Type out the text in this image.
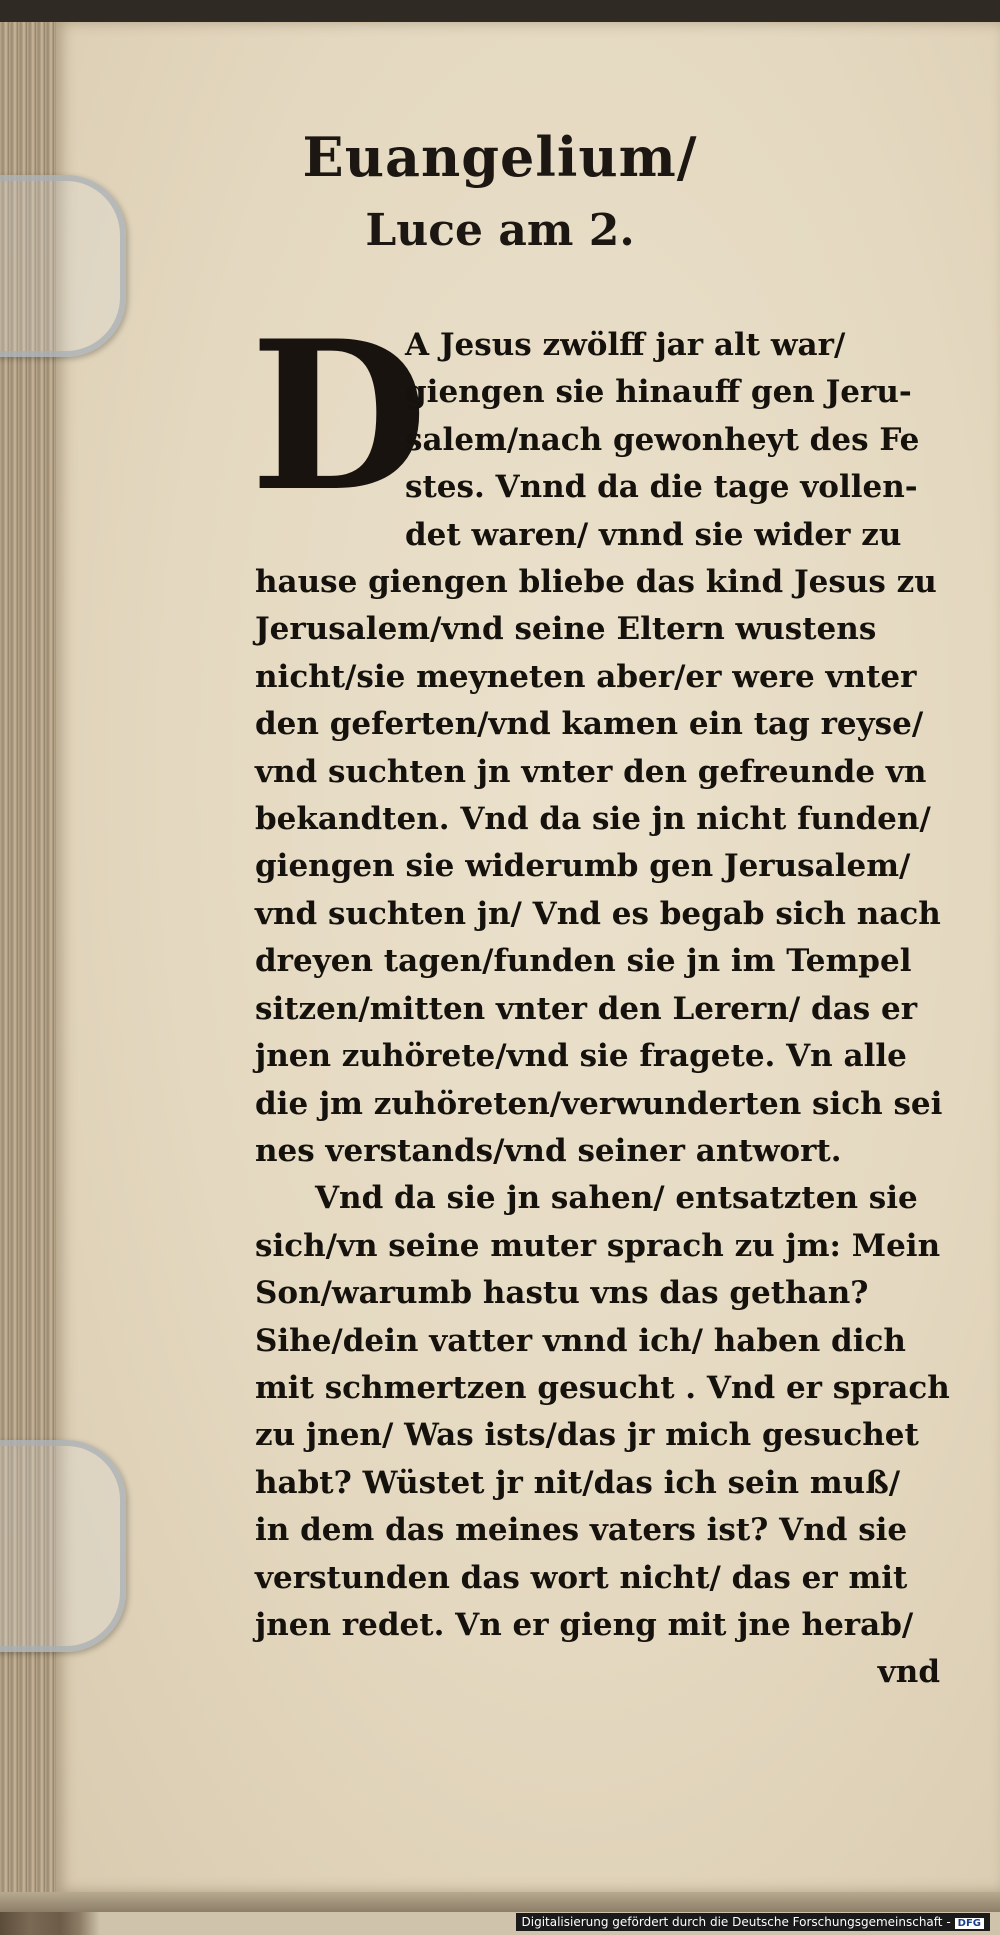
Euangelium/
Luce am 2.
D
A Jesus zwölff jar alt war/
giengen sie hinauff gen Jeru-
salem/nach gewonheyt des Fe
stes. Vnnd da die tage vollen-
det waren/ vnnd sie wider zu
hause giengen bliebe das kind Jesus zu
Jerusalem/vnd seine Eltern wustens
nicht/sie meyneten aber/er were vnter
den geferten/vnd kamen ein tag reyse/
vnd suchten jn vnter den gefreunde vn
bekandten. Vnd da sie jn nicht funden/
giengen sie widerumb gen Jerusalem/
vnd suchten jn/ Vnd es begab sich nach
dreyen tagen/funden sie jn im Tempel
sitzen/mitten vnter den Lerern/ das er
jnen zuhörete/vnd sie fragete. Vn alle
die jm zuhöreten/verwunderten sich sei
nes verstands/vnd seiner antwort.
Vnd da sie jn sahen/ entsatzten sie
sich/vn seine muter sprach zu jm: Mein
Son/warumb hastu vns das gethan?
Sihe/dein vatter vnnd ich/ haben dich
mit schmertzen gesucht . Vnd er sprach
zu jnen/ Was ists/das jr mich gesuchet
habt? Wüstet jr nit/das ich sein muß/
in dem das meines vaters ist? Vnd sie
verstunden das wort nicht/ das er mit
jnen redet. Vn er gieng mit jne herab/
vnd
Digitalisierung gefördert durch die Deutsche Forschungsgemeinschaft - DFG
